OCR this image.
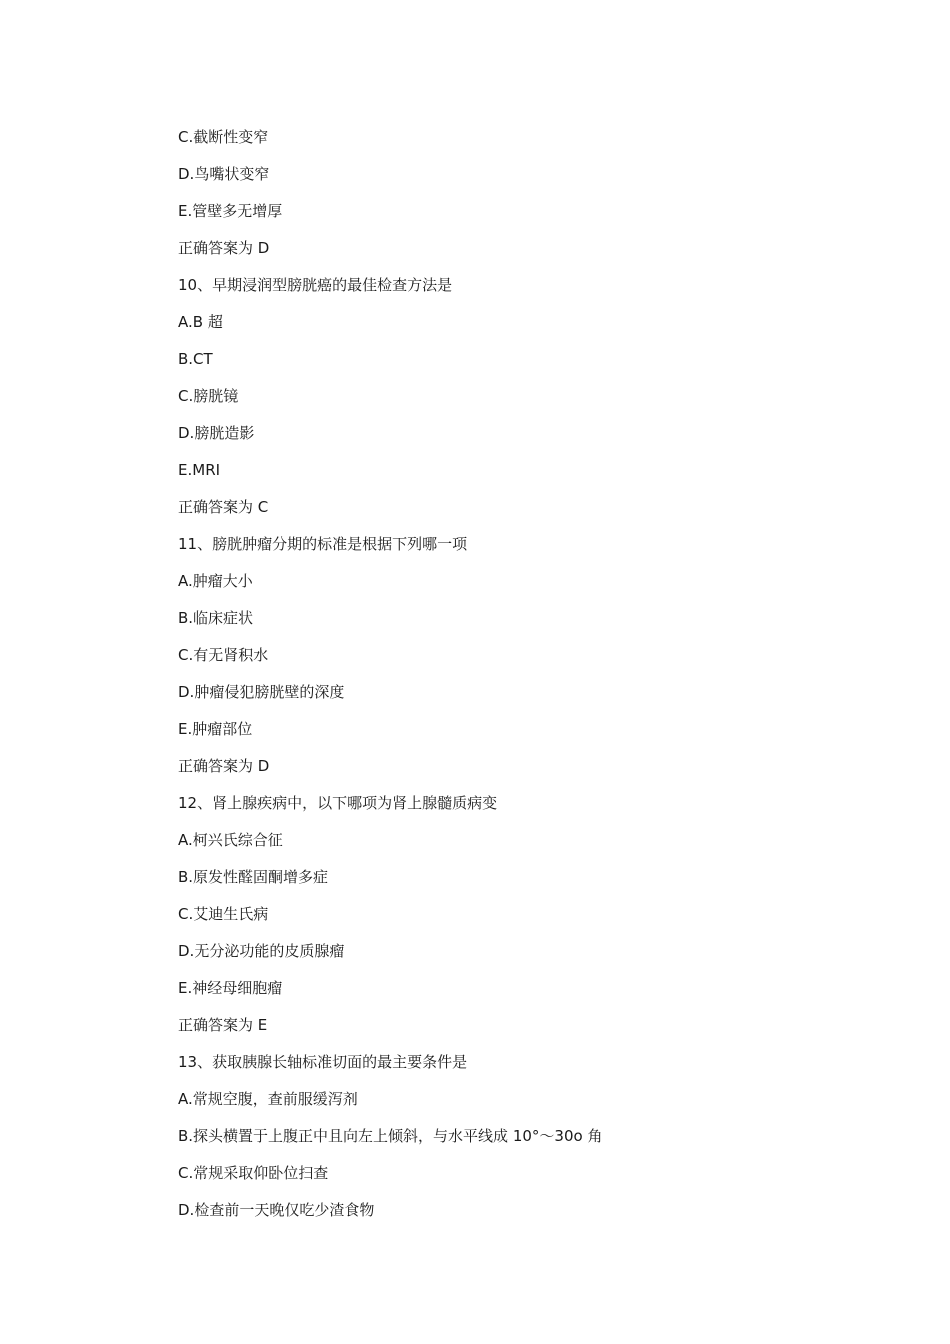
C.截断性变窄
D.鸟嘴状变窄
E.管壁多无增厚
正确答案为 D
10、早期浸润型膀胱癌的最佳检查方法是
A.B 超
B.CT
C.膀胱镜
D.膀胱造影
E.MRI
正确答案为 C
11、膀胱肿瘤分期的标准是根据下列哪一项
A.肿瘤大小
B.临床症状
C.有无肾积水
D.肿瘤侵犯膀胱壁的深度
E.肿瘤部位
正确答案为 D
12、肾上腺疾病中，以下哪项为肾上腺髓质病变
A.柯兴氏综合征
B.原发性醛固酮增多症
C.艾迪生氏病
D.无分泌功能的皮质腺瘤
E.神经母细胞瘤
正确答案为 E
13、获取胰腺长轴标准切面的最主要条件是
A.常规空腹，查前服缓泻剂
B.探头横置于上腹正中且向左上倾斜，与水平线成 10°～30o 角
C.常规采取仰卧位扫查
D.检查前一天晚仅吃少渣食物
